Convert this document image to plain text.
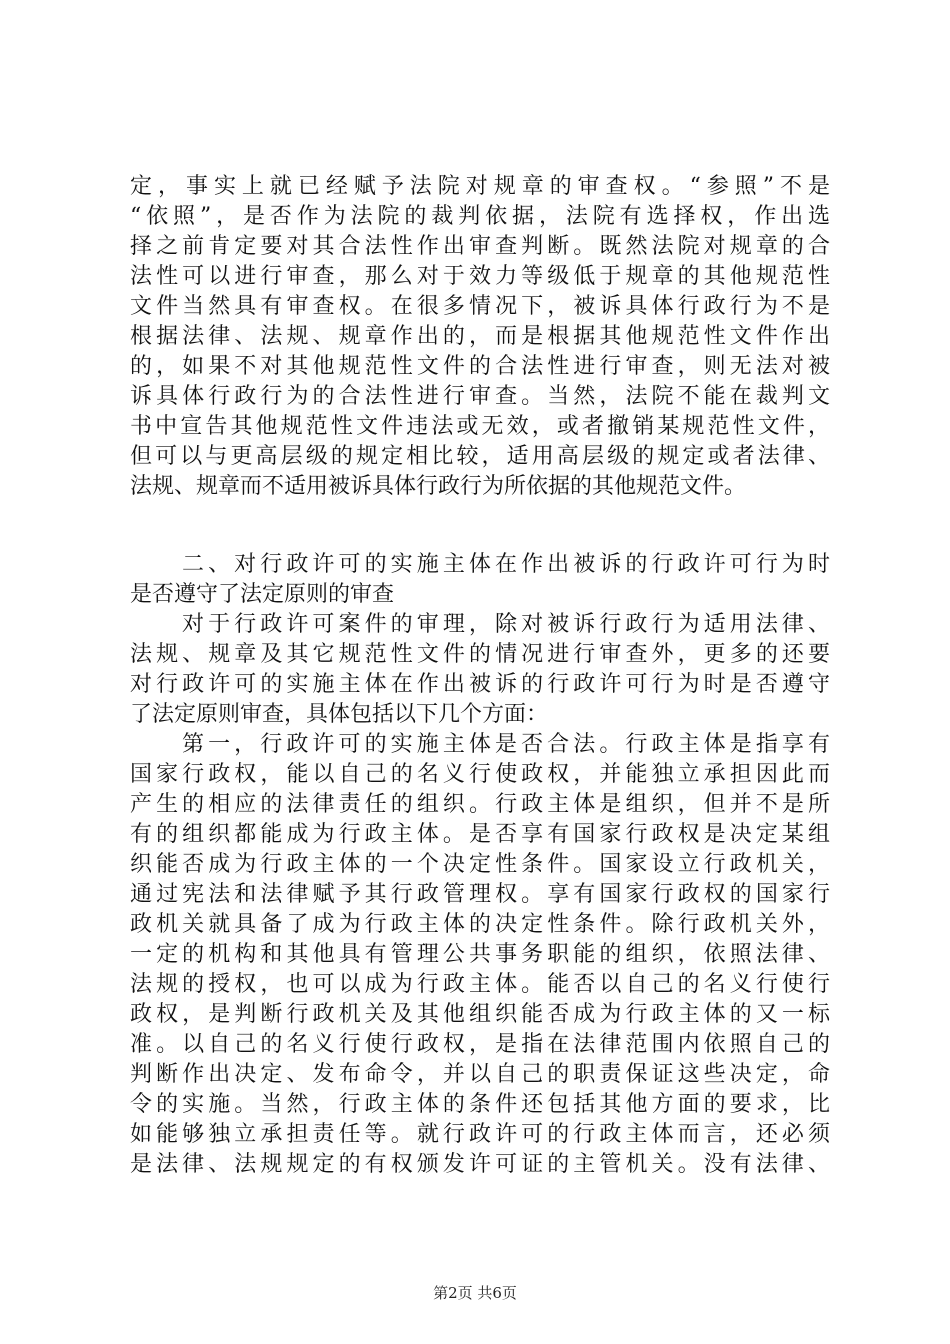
定，事实上就已经赋予法院对规章的审查权。“参照”不是
“依照”，是否作为法院的裁判依据，法院有选择权，作出选
择之前肯定要对其合法性作出审查判断。既然法院对规章的合
法性可以进行审查，那么对于效力等级低于规章的其他规范性
文件当然具有审查权。在很多情况下，被诉具体行政行为不是
根据法律、法规、规章作出的，而是根据其他规范性文件作出
的，如果不对其他规范性文件的合法性进行审查，则无法对被
诉具体行政行为的合法性进行审查。当然，法院不能在裁判文
书中宣告其他规范性文件违法或无效，或者撤销某规范性文件，
但可以与更高层级的规定相比较，适用高层级的规定或者法律、
法规、规章而不适用被诉具体行政行为所依据的其他规范文件。
二、对行政许可的实施主体在作出被诉的行政许可行为时
是否遵守了法定原则的审查
对于行政许可案件的审理，除对被诉行政行为适用法律、
法规、规章及其它规范性文件的情况进行审查外，更多的还要
对行政许可的实施主体在作出被诉的行政许可行为时是否遵守
了法定原则审查，具体包括以下几个方面：
第一，行政许可的实施主体是否合法。行政主体是指享有
国家行政权，能以自己的名义行使政权，并能独立承担因此而
产生的相应的法律责任的组织。行政主体是组织，但并不是所
有的组织都能成为行政主体。是否享有国家行政权是决定某组
织能否成为行政主体的一个决定性条件。国家设立行政机关，
通过宪法和法律赋予其行政管理权。享有国家行政权的国家行
政机关就具备了成为行政主体的决定性条件。除行政机关外，
一定的机构和其他具有管理公共事务职能的组织，依照法律、
法规的授权，也可以成为行政主体。能否以自己的名义行使行
政权，是判断行政机关及其他组织能否成为行政主体的又一标
准。以自己的名义行使行政权，是指在法律范围内依照自己的
判断作出决定、发布命令，并以自己的职责保证这些决定，命
令的实施。当然，行政主体的条件还包括其他方面的要求，比
如能够独立承担责任等。就行政许可的行政主体而言，还必须
是法律、法规规定的有权颁发许可证的主管机关。没有法律、
第2页 共6页
